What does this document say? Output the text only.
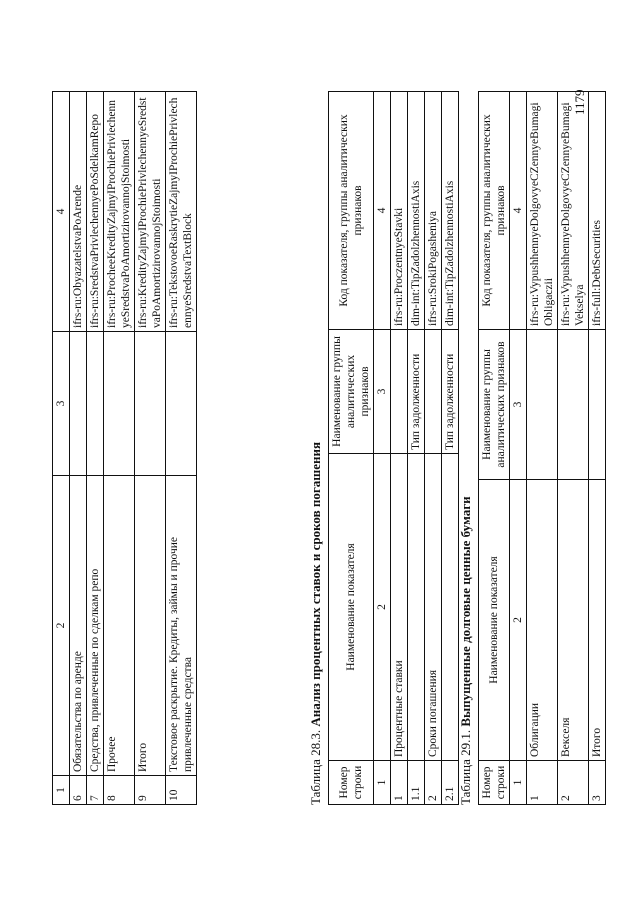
1	2	3	4
6	Обязательства по аренде		ifrs-ru:ObyazatelstvaPoArende
7	Средства, привлеченные по сделкам репо		ifrs-ru:SredstvaPrivlechennyePoSdelkamRepo
8	Прочее		ifrs-ru:ProcheeKredityZajmyIProchiePrivlechennyeSredstvaPoAmortizirovannojStoimosti
9	Итого		ifrs-ru:KredityZajmyIProchiePrivlechennyeSredstvaPoAmortizirovannojStoimosti
10	Текстовое раскрытие. Кредиты, займы и прочие привлеченные средства		ifrs-ru:TekstovoeRaskrytieZajmyIProchiePrivlechennyeSredstvaTextBlock
Таблица 28.3. Анализ процентных ставок и сроков погашения
Номер строки	Наименование показателя	Наименование группы аналитических признаков	Код показателя, группы аналитических признаков
1	2	3	4
1	Процентные ставки		ifrs-ru:ProczentnyeStavki
1.1		Тип задолженности	dim-int:TipZadolzhennostiAxis
2	Сроки погашения		ifrs-ru:SrokiPogasheniya
2.1		Тип задолженности	dim-int:TipZadolzhennostiAxis
Таблица 29.1. Выпущенные долговые ценные бумаги
Номер строки	Наименование показателя	Наименование группы аналитических признаков	Код показателя, группы аналитических признаков
1	2	3	4
1	Облигации		ifrs-ru:VypushhennyeDolgovyeCZennyeBumagiObligaczii
2	Векселя		ifrs-ru:VypushhennyeDolgovyeCZennyeBumagiVekselya
3	Итого		ifrs-full:DebtSecurities
1179
